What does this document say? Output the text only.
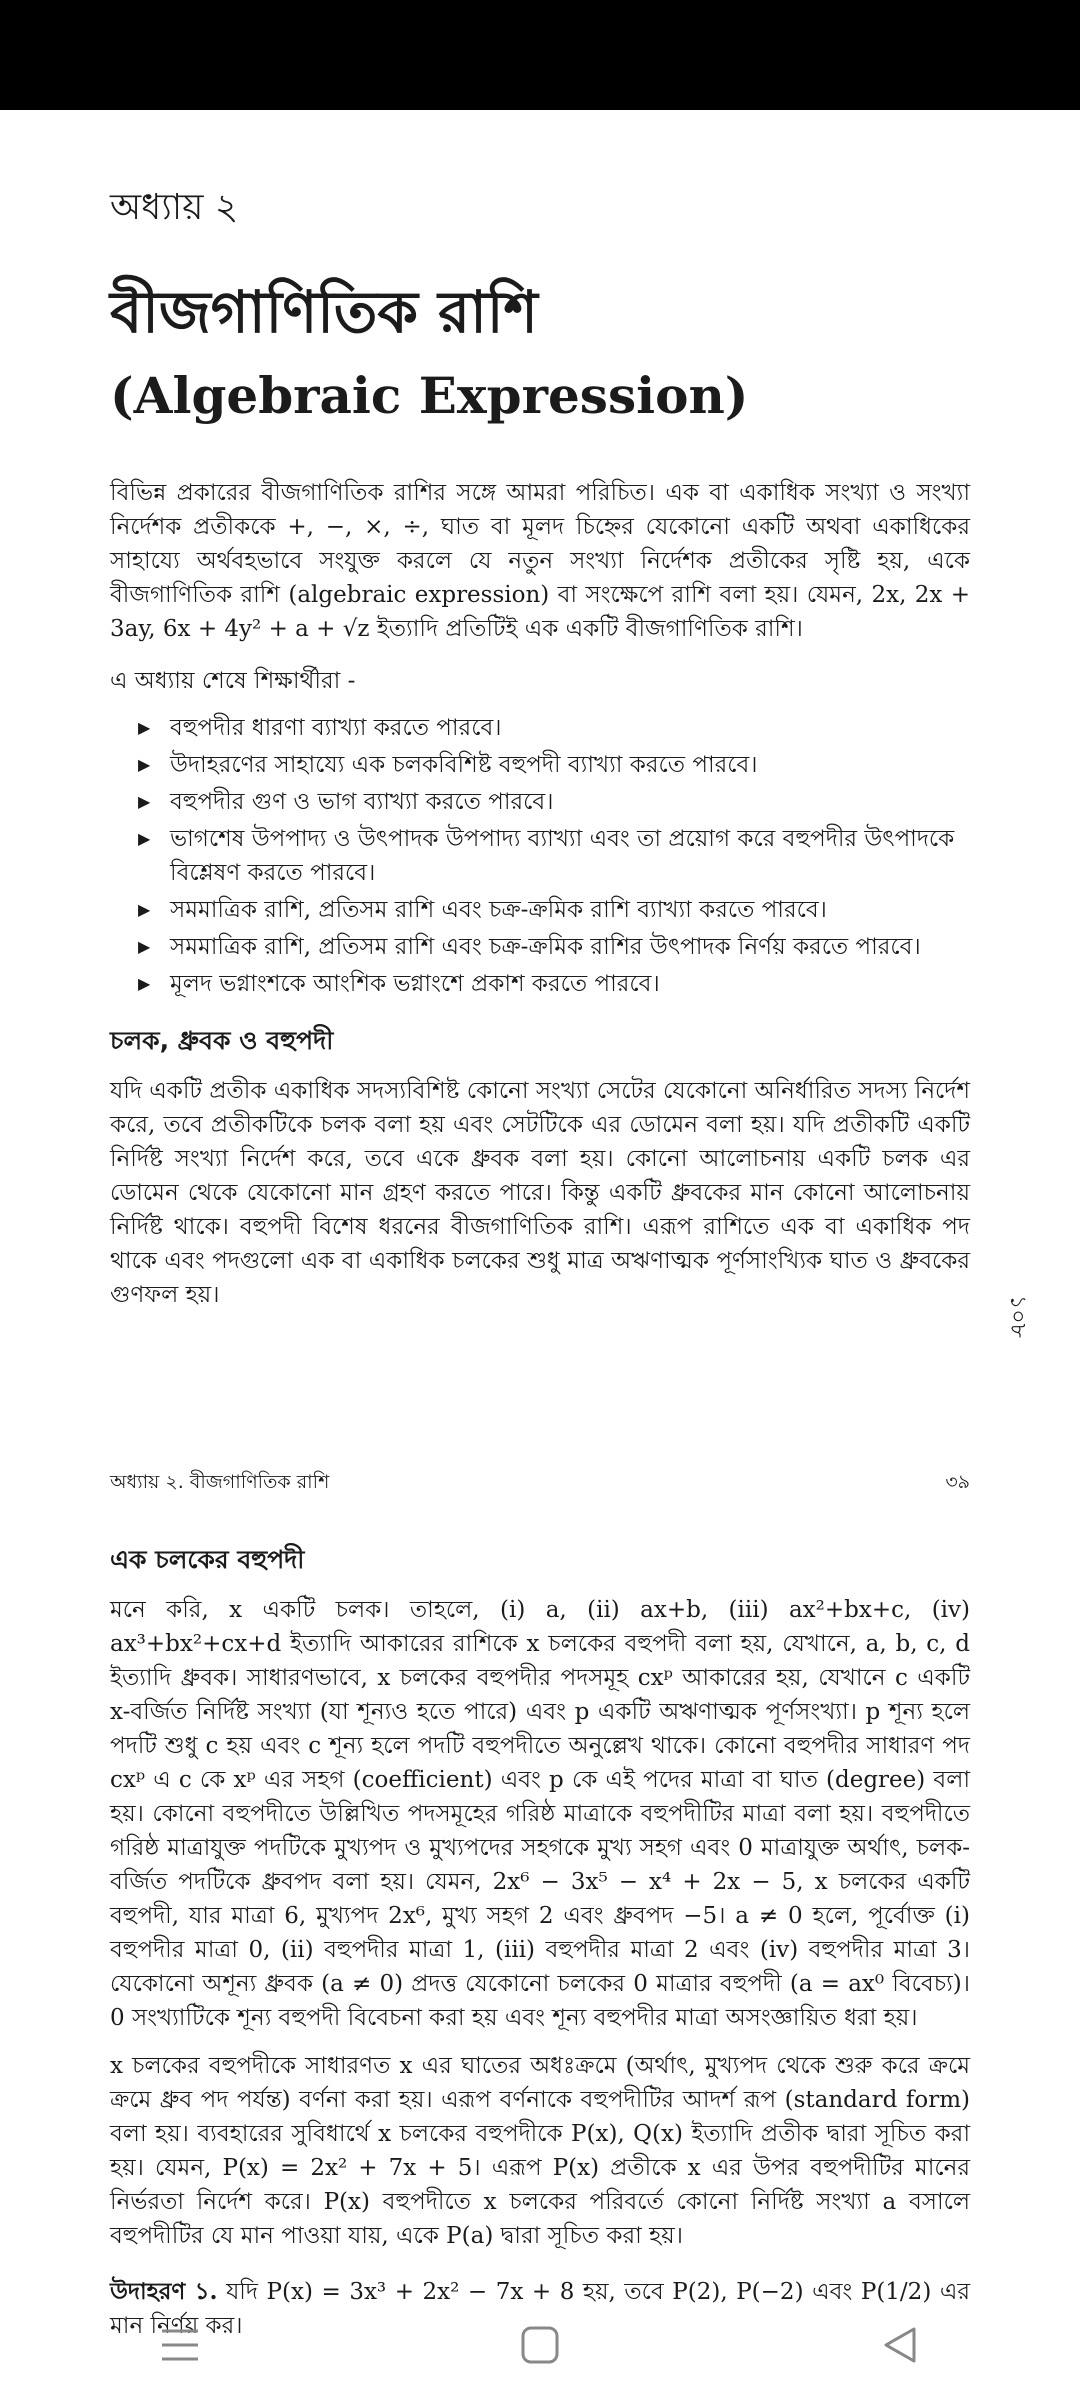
অধ্যায় ২

বীজগাণিতিক রাশি
(Algebraic Expression)

বিভিন্ন প্রকারের বীজগাণিতিক রাশির সঙ্গে আমরা পরিচিত। এক বা একাধিক সংখ্যা ও সংখ্যা নির্দেশক প্রতীককে +, −, ×, ÷, ঘাত বা মূলদ চিহ্নের যেকোনো একটি অথবা একাধিকের সাহায্যে অর্থবহভাবে সংযুক্ত করলে যে নতুন সংখ্যা নির্দেশক প্রতীকের সৃষ্টি হয়, একে বীজগাণিতিক রাশি (algebraic expression) বা সংক্ষেপে রাশি বলা হয়। যেমন, 2x, 2x + 3ay, 6x + 4y² + a + √z ইত্যাদি প্রতিটিই এক একটি বীজগাণিতিক রাশি।

এ অধ্যায় শেষে শিক্ষার্থীরা -

▶ বহুপদীর ধারণা ব্যাখ্যা করতে পারবে।
▶ উদাহরণের সাহায্যে এক চলকবিশিষ্ট বহুপদী ব্যাখ্যা করতে পারবে।
▶ বহুপদীর গুণ ও ভাগ ব্যাখ্যা করতে পারবে।
▶ ভাগশেষ উপপাদ্য ও উৎপাদক উপপাদ্য ব্যাখ্যা এবং তা প্রয়োগ করে বহুপদীর উৎপাদকে বিশ্লেষণ করতে পারবে।
▶ সমমাত্রিক রাশি, প্রতিসম রাশি এবং চক্র-ক্রমিক রাশি ব্যাখ্যা করতে পারবে।
▶ সমমাত্রিক রাশি, প্রতিসম রাশি এবং চক্র-ক্রমিক রাশির উৎপাদক নির্ণয় করতে পারবে।
▶ মূলদ ভগ্নাংশকে আংশিক ভগ্নাংশে প্রকাশ করতে পারবে।

চলক, ধ্রুবক ও বহুপদী

যদি একটি প্রতীক একাধিক সদস্যবিশিষ্ট কোনো সংখ্যা সেটের যেকোনো অনির্ধারিত সদস্য নির্দেশ করে, তবে প্রতীকটিকে চলক বলা হয় এবং সেটটিকে এর ডোমেন বলা হয়। যদি প্রতীকটি একটি নির্দিষ্ট সংখ্যা নির্দেশ করে, তবে একে ধ্রুবক বলা হয়। কোনো আলোচনায় একটি চলক এর ডোমেন থেকে যেকোনো মান গ্রহণ করতে পারে। কিন্তু একটি ধ্রুবকের মান কোনো আলোচনায় নির্দিষ্ট থাকে। বহুপদী বিশেষ ধরনের বীজগাণিতিক রাশি। এরূপ রাশিতে এক বা একাধিক পদ থাকে এবং পদগুলো এক বা একাধিক চলকের শুধু মাত্র অঋণাত্মক পূর্ণসাংখ্যিক ঘাত ও ধ্রুবকের গুণফল হয়।

১০৮
অধ্যায় ২. বীজগাণিতিক রাশি	৩৯

এক চলকের বহুপদী

মনে করি, x একটি চলক। তাহলে, (i) a, (ii) ax+b, (iii) ax²+bx+c, (iv) ax³+bx²+cx+d ইত্যাদি আকারের রাশিকে x চলকের বহুপদী বলা হয়, যেখানে, a, b, c, d ইত্যাদি ধ্রুবক। সাধারণভাবে, x চলকের বহুপদীর পদসমূহ cxᵖ আকারের হয়, যেখানে c একটি x-বর্জিত নির্দিষ্ট সংখ্যা (যা শূন্যও হতে পারে) এবং p একটি অঋণাত্মক পূর্ণসংখ্যা। p শূন্য হলে পদটি শুধু c হয় এবং c শূন্য হলে পদটি বহুপদীতে অনুল্লেখ থাকে। কোনো বহুপদীর সাধারণ পদ cxᵖ এ c কে xᵖ এর সহগ (coefficient) এবং p কে এই পদের মাত্রা বা ঘাত (degree) বলা হয়। কোনো বহুপদীতে উল্লিখিত পদসমূহের গরিষ্ঠ মাত্রাকে বহুপদীটির মাত্রা বলা হয়। বহুপদীতে গরিষ্ঠ মাত্রাযুক্ত পদটিকে মুখ্যপদ ও মুখ্যপদের সহগকে মুখ্য সহগ এবং 0 মাত্রাযুক্ত অর্থাৎ, চলক-বর্জিত পদটিকে ধ্রুবপদ বলা হয়। যেমন, 2x⁶ − 3x⁵ − x⁴ + 2x − 5, x চলকের একটি বহুপদী, যার মাত্রা 6, মুখ্যপদ 2x⁶, মুখ্য সহগ 2 এবং ধ্রুবপদ −5। a ≠ 0 হলে, পূর্বোক্ত (i) বহুপদীর মাত্রা 0, (ii) বহুপদীর মাত্রা 1, (iii) বহুপদীর মাত্রা 2 এবং (iv) বহুপদীর মাত্রা 3। যেকোনো অশূন্য ধ্রুবক (a ≠ 0) প্রদত্ত যেকোনো চলকের 0 মাত্রার বহুপদী (a = ax⁰ বিবেচ্য)। 0 সংখ্যাটিকে শূন্য বহুপদী বিবেচনা করা হয় এবং শূন্য বহুপদীর মাত্রা অসংজ্ঞায়িত ধরা হয়।

x চলকের বহুপদীকে সাধারণত x এর ঘাতের অধঃক্রমে (অর্থাৎ, মুখ্যপদ থেকে শুরু করে ক্রমে ক্রমে ধ্রুব পদ পর্যন্ত) বর্ণনা করা হয়। এরূপ বর্ণনাকে বহুপদীটির আদর্শ রূপ (standard form) বলা হয়। ব্যবহারের সুবিধার্থে x চলকের বহুপদীকে P(x), Q(x) ইত্যাদি প্রতীক দ্বারা সূচিত করা হয়। যেমন, P(x) = 2x² + 7x + 5। এরূপ P(x) প্রতীকে x এর উপর বহুপদীটির মানের নির্ভরতা নির্দেশ করে। P(x) বহুপদীতে x চলকের পরিবর্তে কোনো নির্দিষ্ট সংখ্যা a বসালে বহুপদীটির যে মান পাওয়া যায়, একে P(a) দ্বারা সূচিত করা হয়।

উদাহরণ ১. যদি P(x) = 3x³ + 2x² − 7x + 8 হয়, তবে P(2), P(−2) এবং P(1/2) এর মান নির্ণয় কর।
